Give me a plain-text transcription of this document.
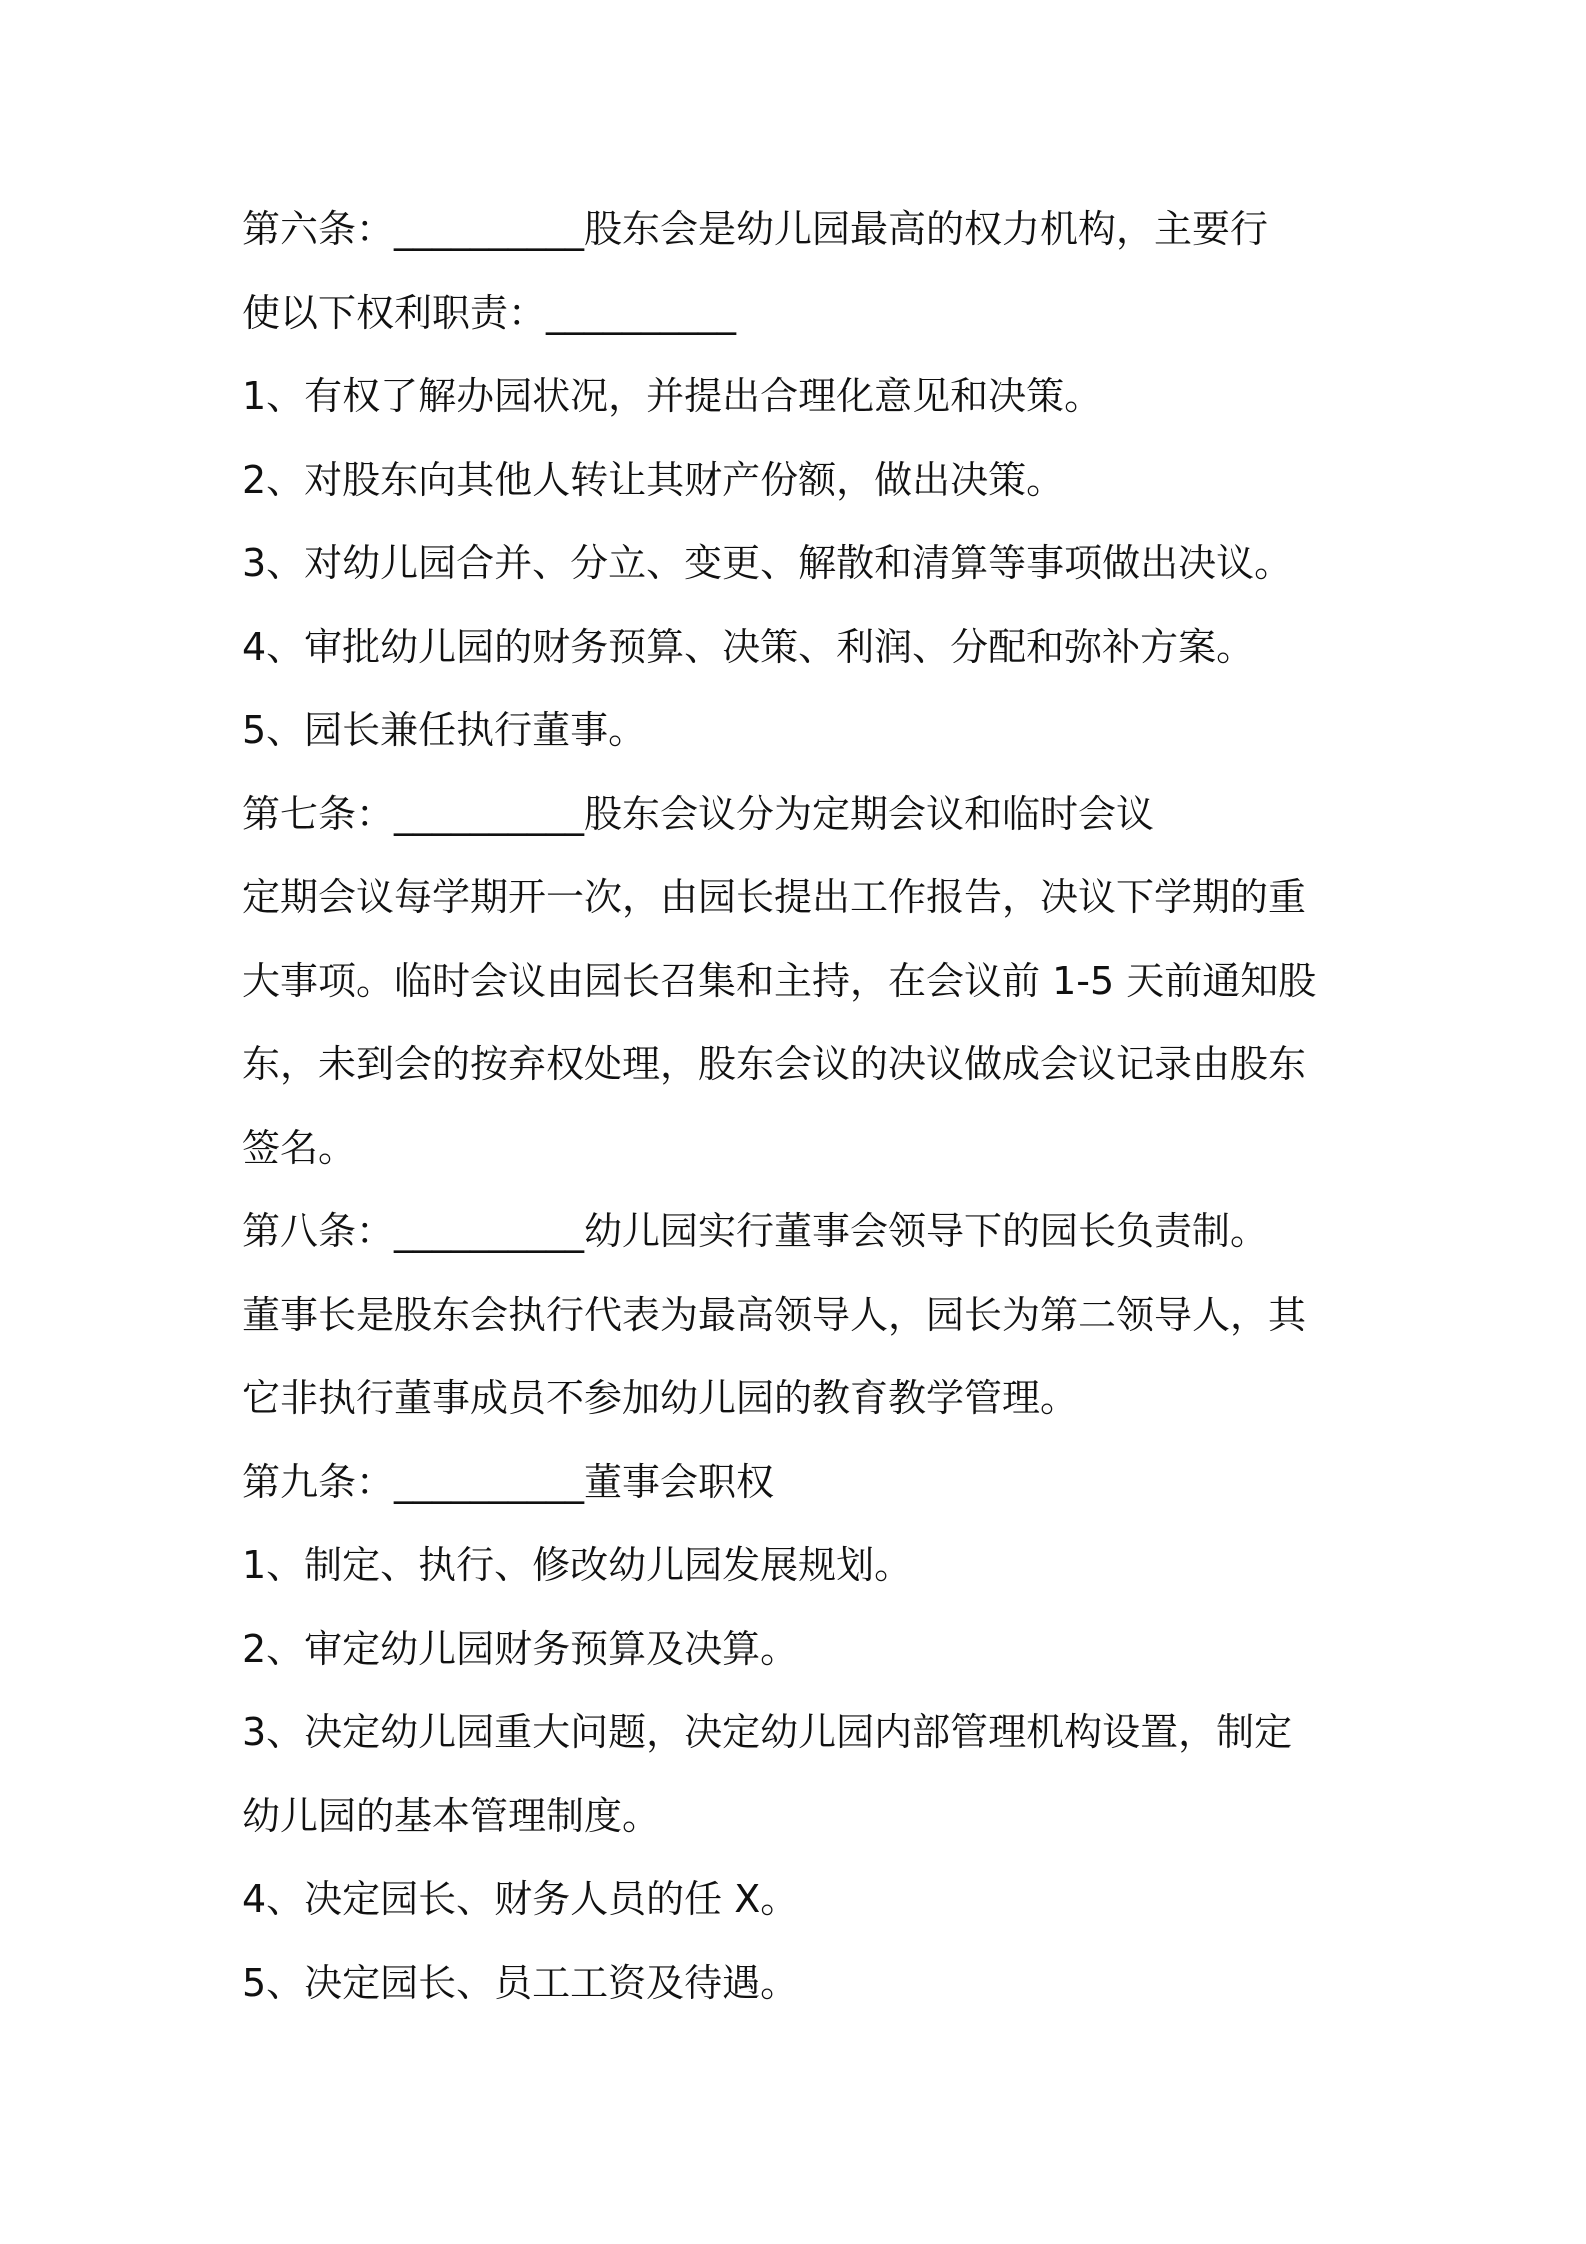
第六条：__________股东会是幼儿园最高的权力机构，主要行
使以下权利职责：__________
1、有权了解办园状况，并提出合理化意见和决策。
2、对股东向其他人转让其财产份额，做出决策。
3、对幼儿园合并、分立、变更、解散和清算等事项做出决议。
4、审批幼儿园的财务预算、决策、利润、分配和弥补方案。
5、园长兼任执行董事。
第七条：__________股东会议分为定期会议和临时会议
定期会议每学期开一次，由园长提出工作报告，决议下学期的重
大事项。临时会议由园长召集和主持，在会议前 1-5 天前通知股
东，未到会的按弃权处理，股东会议的决议做成会议记录由股东
签名。
第八条：__________幼儿园实行董事会领导下的园长负责制。
董事长是股东会执行代表为最高领导人，园长为第二领导人，其
它非执行董事成员不参加幼儿园的教育教学管理。
第九条：__________董事会职权
1、制定、执行、修改幼儿园发展规划。
2、审定幼儿园财务预算及决算。
3、决定幼儿园重大问题，决定幼儿园内部管理机构设置，制定
幼儿园的基本管理制度。
4、决定园长、财务人员的任 X。
5、决定园长、员工工资及待遇。
